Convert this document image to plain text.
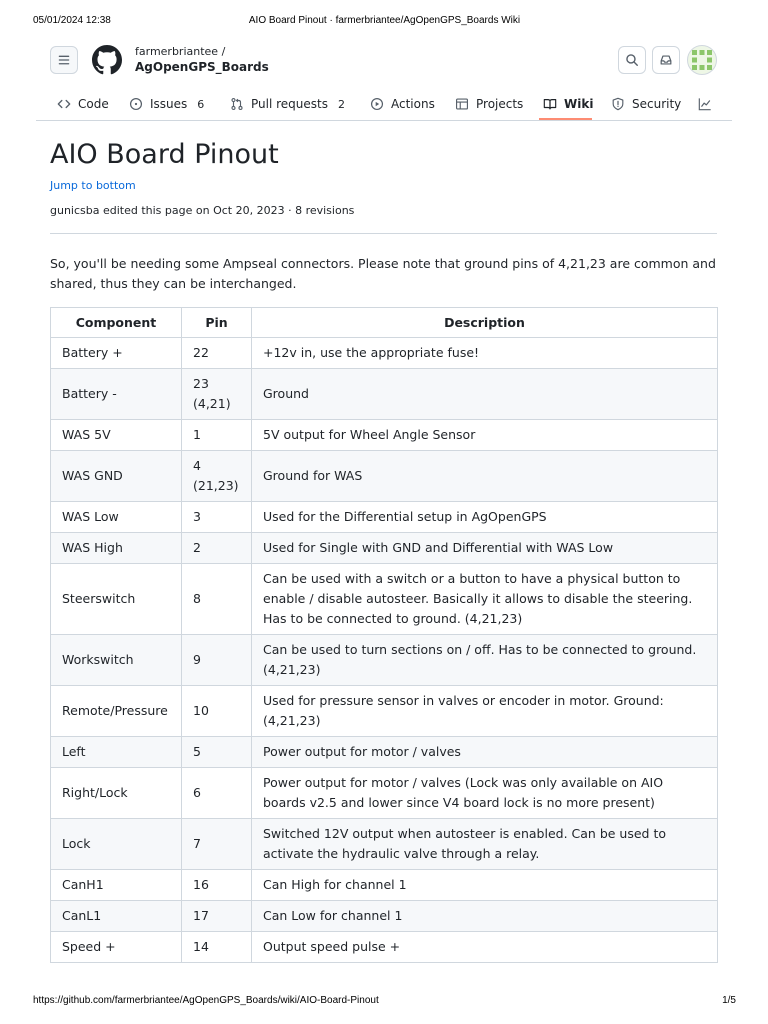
05/01/2024 12:38	AIO Board Pinout · farmerbriantee/AgOpenGPS_Boards Wiki
farmerbriantee /
AgOpenGPS_Boards
Code	Issues 6	Pull requests 2	Actions	Projects	Wiki	Security
AIO Board Pinout
Jump to bottom
gunicsba edited this page on Oct 20, 2023 · 8 revisions

So, you'll be needing some Ampseal connectors. Please note that ground pins of 4,21,23 are common and shared, thus they can be interchanged.

Component	Pin	Description
Battery +	22	+12v in, use the appropriate fuse!
Battery -	23 (4,21)	Ground
WAS 5V	1	5V output for Wheel Angle Sensor
WAS GND	4 (21,23)	Ground for WAS
WAS Low	3	Used for the Differential setup in AgOpenGPS
WAS High	2	Used for Single with GND and Differential with WAS Low
Steerswitch	8	Can be used with a switch or a button to have a physical button to enable / disable autosteer. Basically it allows to disable the steering. Has to be connected to ground. (4,21,23)
Workswitch	9	Can be used to turn sections on / off. Has to be connected to ground. (4,21,23)
Remote/Pressure	10	Used for pressure sensor in valves or encoder in motor. Ground: (4,21,23)
Left	5	Power output for motor / valves
Right/Lock	6	Power output for motor / valves (Lock was only available on AIO boards v2.5 and lower since V4 board lock is no more present)
Lock	7	Switched 12V output when autosteer is enabled. Can be used to activate the hydraulic valve through a relay.
CanH1	16	Can High for channel 1
CanL1	17	Can Low for channel 1
Speed +	14	Output speed pulse +
https://github.com/farmerbriantee/AgOpenGPS_Boards/wiki/AIO-Board-Pinout	1/5
